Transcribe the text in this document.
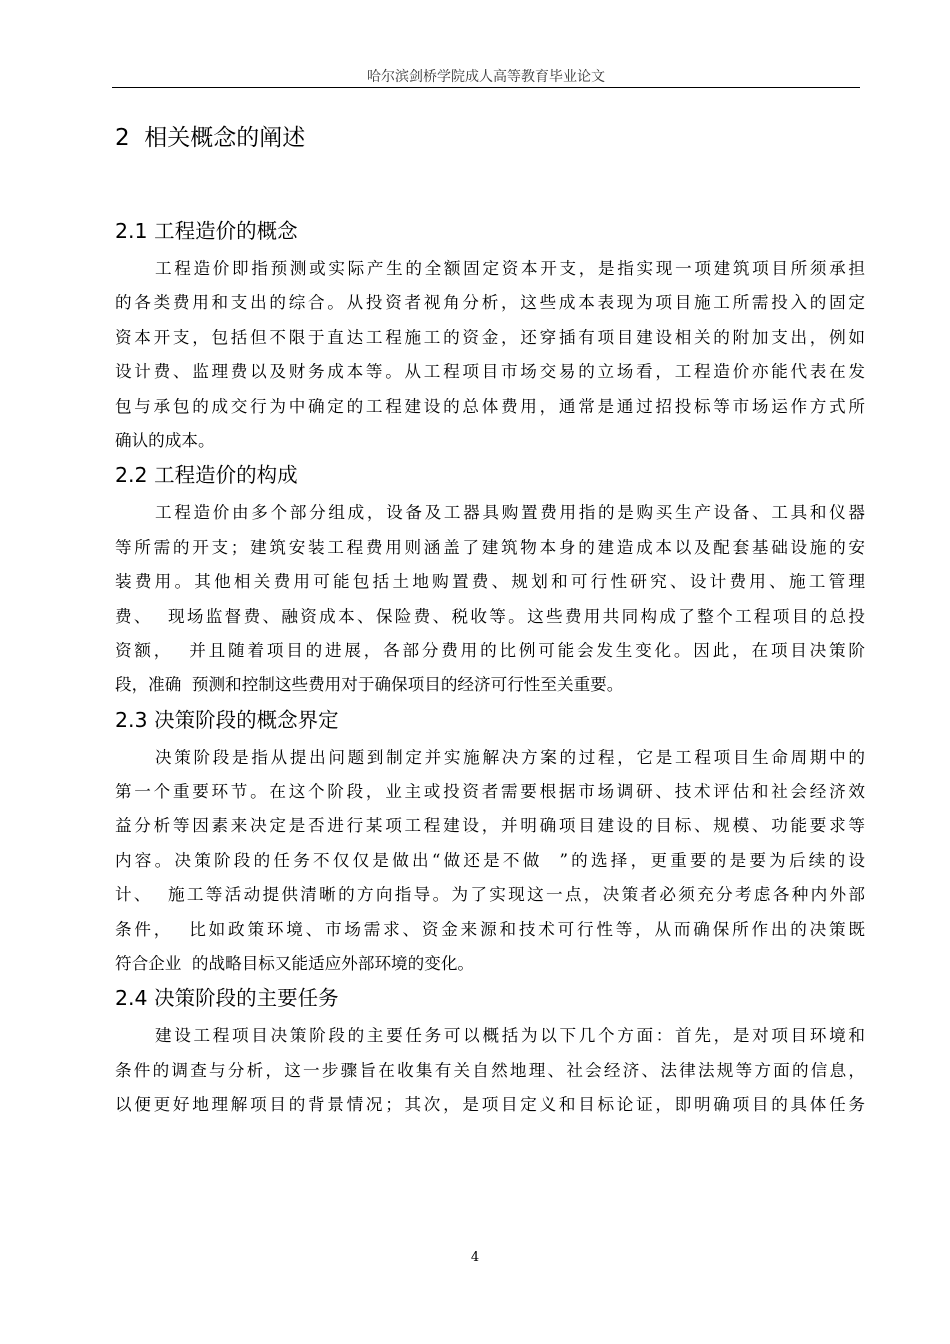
哈尔滨剑桥学院成人高等教育毕业论文
2  相关概念的阐述
2.1 工程造价的概念
工程造价即指预测或实际产生的全额固定资本开支，是指实现一项建筑项目所须承担
的各类费用和支出的综合。从投资者视角分析，这些成本表现为项目施工所需投入的固定
资本开支，包括但不限于直达工程施工的资金，还穿插有项目建设相关的附加支出，例如
设计费、监理费以及财务成本等。从工程项目市场交易的立场看，工程造价亦能代表在发
包与承包的成交行为中确定的工程建设的总体费用，通常是通过招投标等市场运作方式所
确认的成本。
2.2 工程造价的构成
工程造价由多个部分组成，设备及工器具购置费用指的是购买生产设备、工具和仪器
等所需的开支；建筑安装工程费用则涵盖了建筑物本身的建造成本以及配套基础设施的安
装费用。其他相关费用可能包括土地购置费、规划和可行性研究、设计费用、施工管理
费、  现场监督费、融资成本、保险费、税收等。这些费用共同构成了整个工程项目的总投
资额，  并且随着项目的进展，各部分费用的比例可能会发生变化。因此，在项目决策阶
段，准确  预测和控制这些费用对于确保项目的经济可行性至关重要。
2.3 决策阶段的概念界定
决策阶段是指从提出问题到制定并实施解决方案的过程，它是工程项目生命周期中的
第一个重要环节。在这个阶段，业主或投资者需要根据市场调研、技术评估和社会经济效
益分析等因素来决定是否进行某项工程建设，并明确项目建设的目标、规模、功能要求等
内容。决策阶段的任务不仅仅是做出“做还是不做  ”的选择，更重要的是要为后续的设
计、  施工等活动提供清晰的方向指导。为了实现这一点，决策者必须充分考虑各种内外部
条件，  比如政策环境、市场需求、资金来源和技术可行性等，从而确保所作出的决策既
符合企业  的战略目标又能适应外部环境的变化。
2.4 决策阶段的主要任务
建设工程项目决策阶段的主要任务可以概括为以下几个方面：首先，是对项目环境和
条件的调查与分析，这一步骤旨在收集有关自然地理、社会经济、法律法规等方面的信息，
以便更好地理解项目的背景情况；其次，是项目定义和目标论证，即明确项目的具体任务
4
